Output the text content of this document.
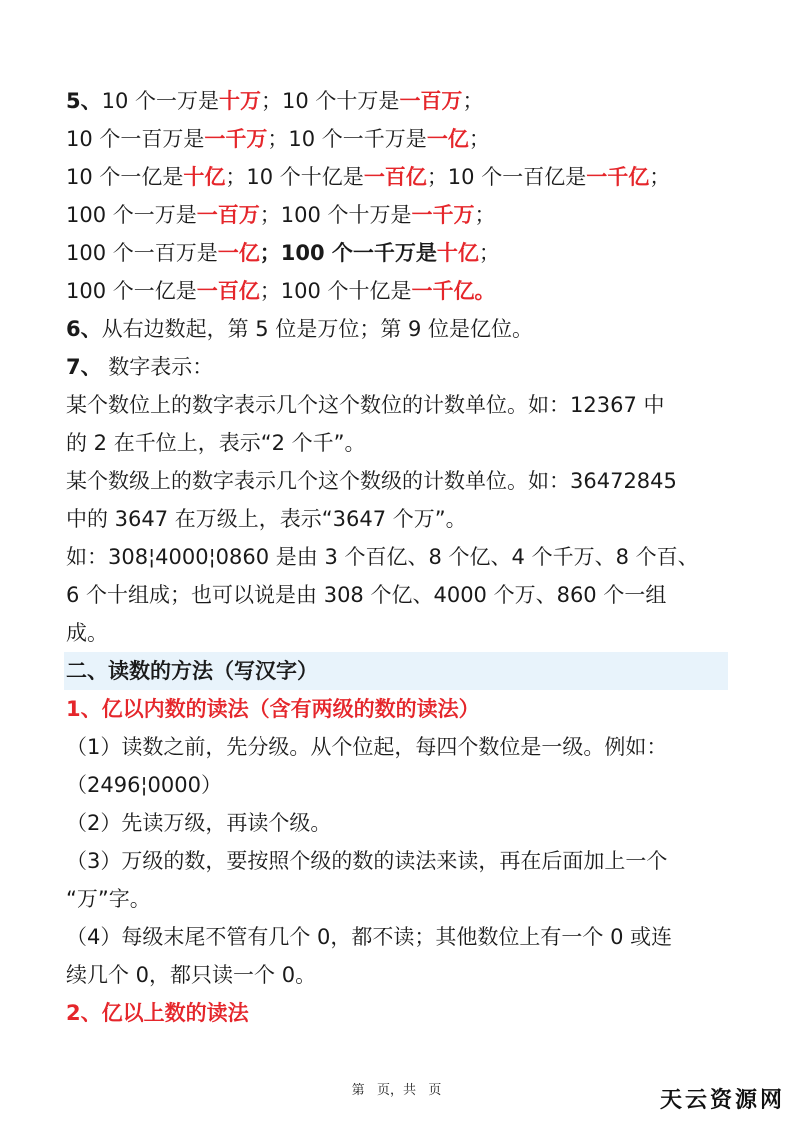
5、10 个一万是十万；10 个十万是一百万；
10 个一百万是一千万；10 个一千万是一亿；
10 个一亿是十亿；10 个十亿是一百亿；10 个一百亿是一千亿；
100 个一万是一百万；100 个十万是一千万；
100 个一百万是一亿；100 个一千万是十亿；
100 个一亿是一百亿；100 个十亿是一千亿。
6、从右边数起，第 5 位是万位；第 9 位是亿位。
7、 数字表示：
某个数位上的数字表示几个这个数位的计数单位。如：12367 中
的 2 在千位上，表示“2 个千”。
某个数级上的数字表示几个这个数级的计数单位。如：36472845
中的 3647 在万级上，表示“3647 个万”。
如：308¦4000¦0860 是由 3 个百亿、8 个亿、4 个千万、8 个百、
6 个十组成；也可以说是由 308 个亿、4000 个万、860 个一组
成。
二、读数的方法（写汉字）
1、亿以内数的读法（含有两级的数的读法）
（1）读数之前，先分级。从个位起，每四个数位是一级。例如：
（2496¦0000）
（2）先读万级，再读个级。
（3）万级的数，要按照个级的数的读法来读，再在后面加上一个
“万”字。
（4）每级末尾不管有几个 0，都不读；其他数位上有一个 0 或连
续几个 0，都只读一个 0。
2、亿以上数的读法
第   页，共   页	天云资源网
